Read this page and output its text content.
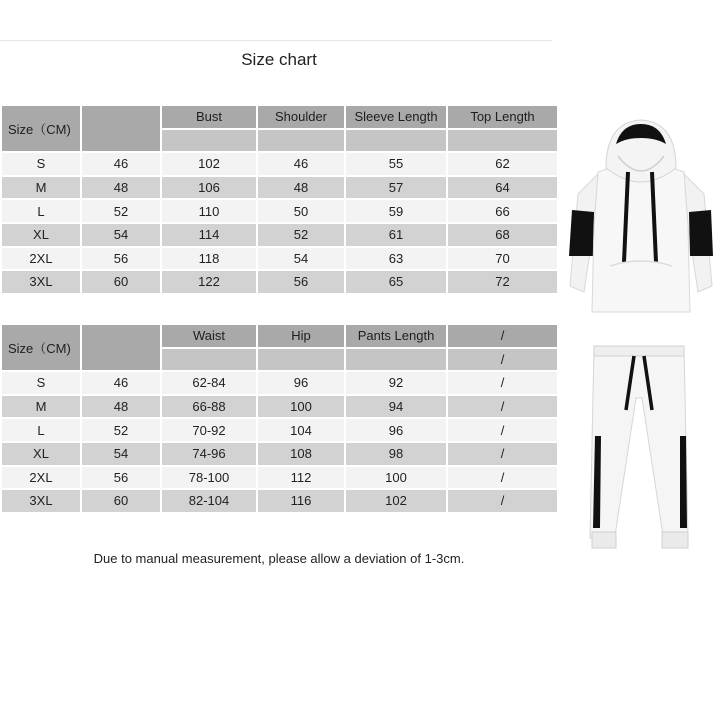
Size chart
Size（CM)		Bust	Shoulder	Sleeve Length	Top Length

S	46	102	46	55	62
M	48	106	48	57	64
L	52	110	50	59	66
XL	54	114	52	61	68
2XL	56	118	54	63	70
3XL	60	122	56	65	72
Size（CM)		Waist	Hip	Pants Length	/
					/
S	46	62-84	96	92	/
M	48	66-88	100	94	/
L	52	70-92	104	96	/
XL	54	74-96	108	98	/
2XL	56	78-100	112	100	/
3XL	60	82-104	116	102	/
Due to manual measurement, please allow a deviation of 1-3cm.
